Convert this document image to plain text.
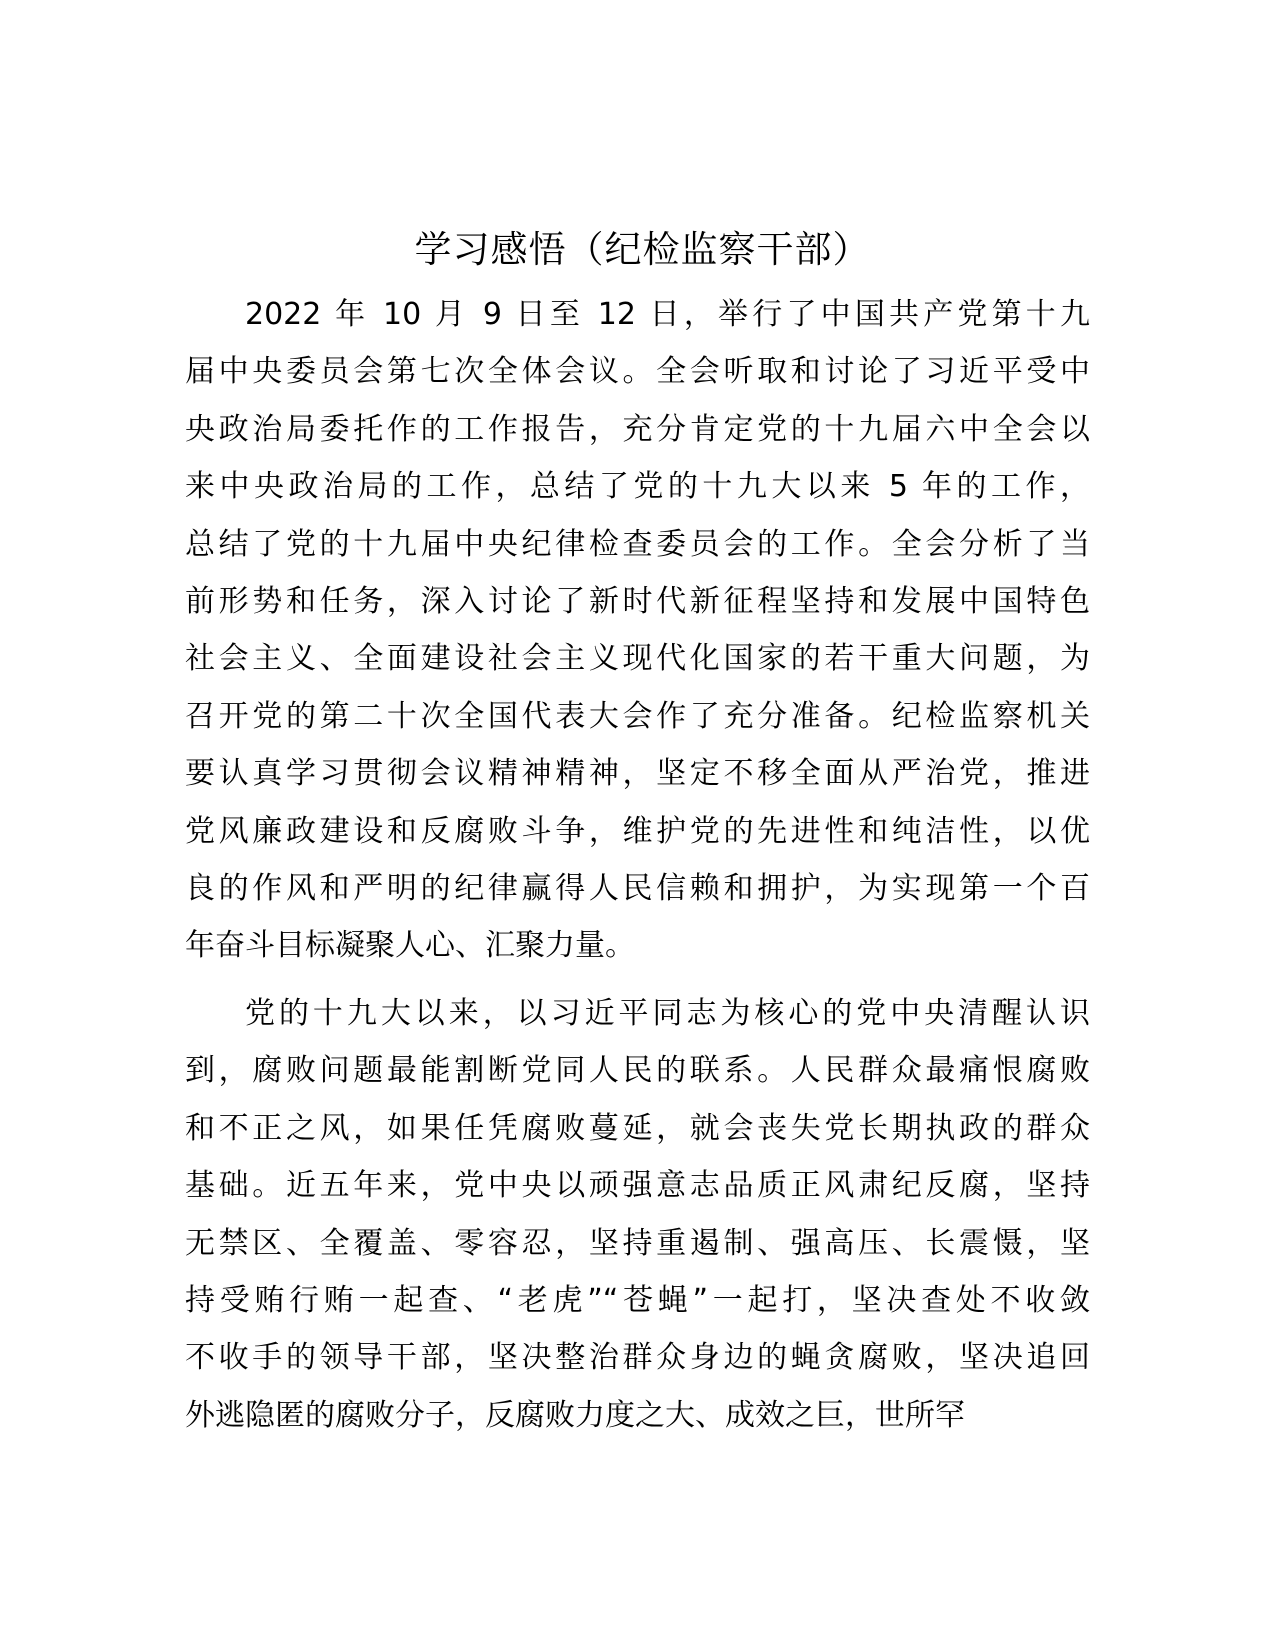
学习感悟（纪检监察干部）
2022 年 10 月 9 日至 12 日，举行了中国共产党第十九
届中央委员会第七次全体会议。全会听取和讨论了习近平受中
央政治局委托作的工作报告，充分肯定党的十九届六中全会以
来中央政治局的工作，总结了党的十九大以来 5 年的工作，
总结了党的十九届中央纪律检查委员会的工作。全会分析了当
前形势和任务，深入讨论了新时代新征程坚持和发展中国特色
社会主义、全面建设社会主义现代化国家的若干重大问题，为
召开党的第二十次全国代表大会作了充分准备。纪检监察机关
要认真学习贯彻会议精神精神，坚定不移全面从严治党，推进
党风廉政建设和反腐败斗争，维护党的先进性和纯洁性，以优
良的作风和严明的纪律赢得人民信赖和拥护，为实现第一个百
年奋斗目标凝聚人心、汇聚力量。
党的十九大以来，以习近平同志为核心的党中央清醒认识
到，腐败问题最能割断党同人民的联系。人民群众最痛恨腐败
和不正之风，如果任凭腐败蔓延，就会丧失党长期执政的群众
基础。近五年来，党中央以顽强意志品质正风肃纪反腐，坚持
无禁区、全覆盖、零容忍，坚持重遏制、强高压、长震慑，坚
持受贿行贿一起查、“老虎”“苍蝇”一起打，坚决查处不收敛
不收手的领导干部，坚决整治群众身边的蝇贪腐败，坚决追回
外逃隐匿的腐败分子，反腐败力度之大、成效之巨，世所罕
